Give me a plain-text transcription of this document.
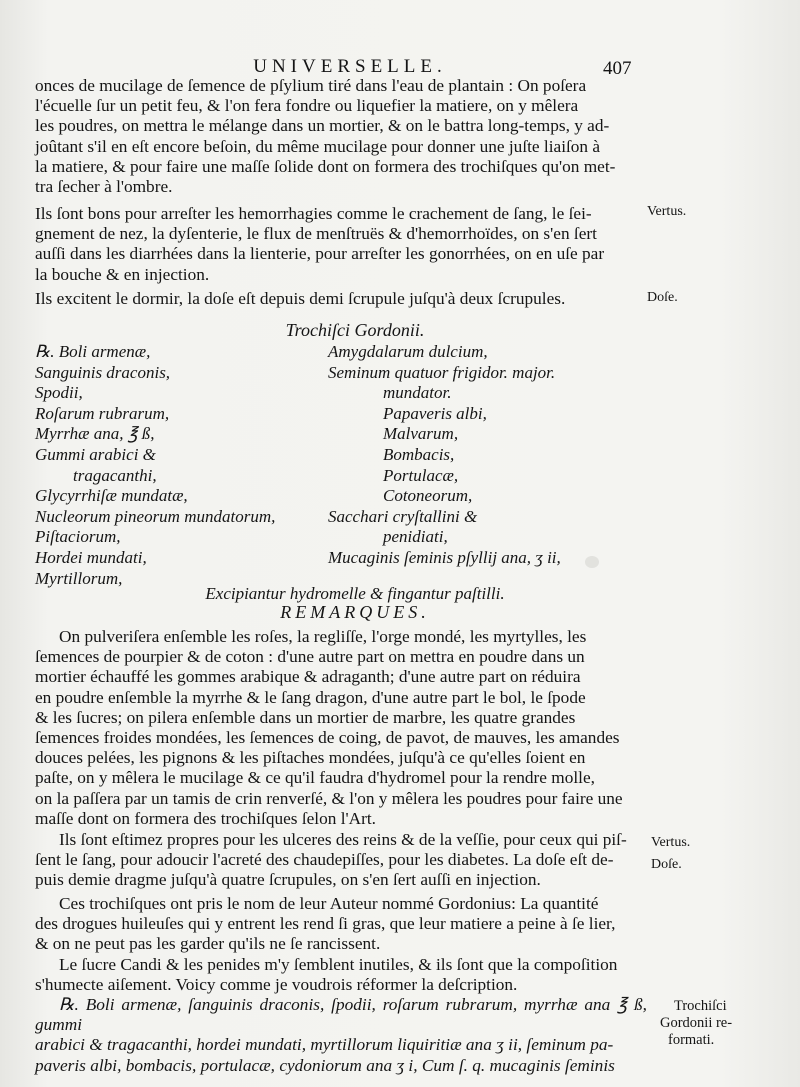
UNIVERSELLE.	407
onces de mucilage de ſemence de pſylium tiré dans l'eau de plantain : On poſera
l'écuelle ſur un petit feu, & l'on fera fondre ou liquefier la matiere, on y mêlera
les poudres, on mettra le mélange dans un mortier, & on le battra long-temps, y ad-
joûtant s'il en eſt encore beſoin, du même mucilage pour donner une juſte liaiſon à
la matiere, & pour faire une maſſe ſolide dont on formera des trochiſques qu'on met-
tra ſecher à l'ombre.
Ils ſont bons pour arreſter les hemorrhagies comme le crachement de ſang, le ſei-
gnement de nez, la dyſenterie, le flux de menſtruës & d'hemorrhoïdes, on s'en ſert
auſſi dans les diarrhées dans la lienterie, pour arreſter les gonorrhées, on en uſe par
la bouche & en injection.
Ils excitent le dormir, la doſe eſt depuis demi ſcrupule juſqu'à deux ſcrupules.
Vertus.
Doſe.
Trochiſci Gordonii.
℞. Boli armenæ,
Sanguinis draconis,
Spodii,
Roſarum rubrarum,
Myrrhæ ana, ℥ ß,
Gummi arabici &
tragacanthi,
Glycyrrhiſæ mundatæ,
Nucleorum pineorum mundatorum,
Piſtaciorum,
Hordei mundati,
Myrtillorum,
Amygdalarum dulcium,
Seminum quatuor frigidor. major.
mundator.
Papaveris albi,
Malvarum,
Bombacis,
Portulacæ,
Cotoneorum,
Sacchari cryſtallini &
penidiati,
Mucaginis ſeminis pſyllij ana, ʒ ii,
Excipiantur hydromelle & fingantur paſtilli.
REMARQUES.
On pulveriſera enſemble les roſes, la regliſſe, l'orge mondé, les myrtylles, les
ſemences de pourpier & de coton : d'une autre part on mettra en poudre dans un
mortier échauffé les gommes arabique & adraganth; d'une autre part on réduira
en poudre enſemble la myrrhe & le ſang dragon, d'une autre part le bol, le ſpode
& les ſucres; on pilera enſemble dans un mortier de marbre, les quatre grandes
ſemences froides mondées, les ſemences de coing, de pavot, de mauves, les amandes
douces pelées, les pignons & les piſtaches mondées, juſqu'à ce qu'elles ſoient en
paſte, on y mêlera le mucilage & ce qu'il faudra d'hydromel pour la rendre molle,
on la paſſera par un tamis de crin renverſé, & l'on y mêlera les poudres pour faire une
maſſe dont on formera des trochiſques ſelon l'Art.
Ils ſont eſtimez propres pour les ulceres des reins & de la veſſie, pour ceux qui piſ-
ſent le ſang, pour adoucir l'acreté des chaudepiſſes, pour les diabetes. La doſe eſt de-
puis demie dragme juſqu'à quatre ſcrupules, on s'en ſert auſſi en injection.
Vertus.
Doſe.
Ces trochiſques ont pris le nom de leur Auteur nommé Gordonius: La quantité
des drogues huileuſes qui y entrent les rend ſi gras, que leur matiere a peine à ſe lier,
& on ne peut pas les garder qu'ils ne ſe rancissent.
Le ſucre Candi & les penides m'y ſemblent inutiles, & ils ſont que la compoſition
s'humecte aiſement. Voicy comme je voudrois réformer la deſcription.
℞. Boli armenæ, ſanguinis draconis, ſpodii, roſarum rubrarum, myrrhæ ana ℥ ß, gummi
arabici & tragacanthi, hordei mundati, myrtillorum liquiritiæ ana ʒ ii, ſeminum pa-
paveris albi, bombacis, portulacæ, cydoniorum ana ʒ i, Cum ſ. q. mucaginis ſeminis
Trochiſci
Gordonii re-
formati.
